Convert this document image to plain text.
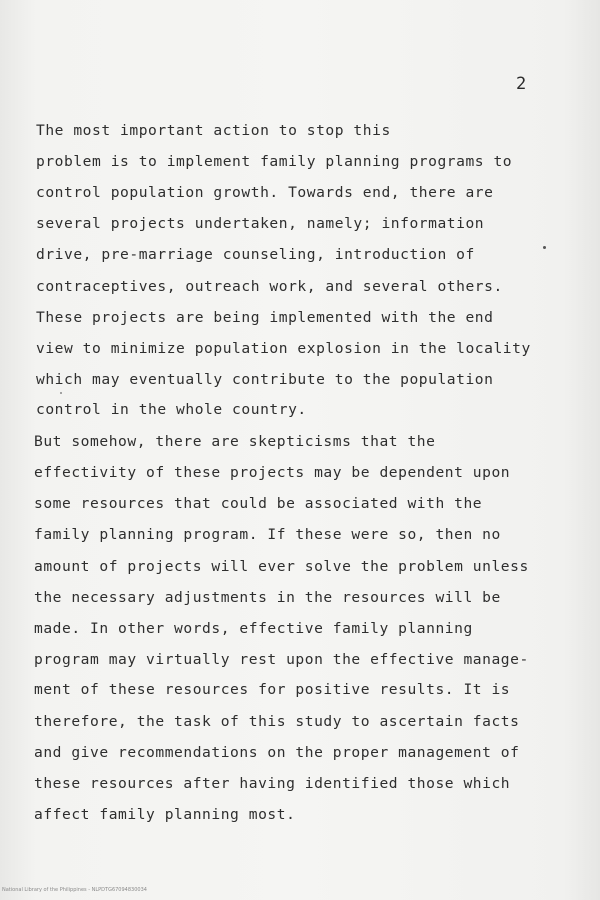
2
The most important action to stop this
problem is to implement family planning programs to
control population growth. Towards end, there are
several projects undertaken, namely; information
drive, pre-marriage counseling, introduction of
contraceptives, outreach work, and several others.
These projects are being implemented with the end
view to minimize population explosion in the locality
which may eventually contribute to the population
control in the whole country.
But somehow, there are skepticisms that the
effectivity of these projects may be dependent upon
some resources that could be associated with the
family planning program. If these were so, then no
amount of projects will ever solve the problem unless
the necessary adjustments in the resources will be
made. In other words, effective family planning
program may virtually rest upon the effective manage-
ment of these resources for positive results. It is
therefore, the task of this study to ascertain facts
and give recommendations on the proper management of
these resources after having identified those which
affect family planning most.
National Library of the Philippines - NLPDTG67094830034
